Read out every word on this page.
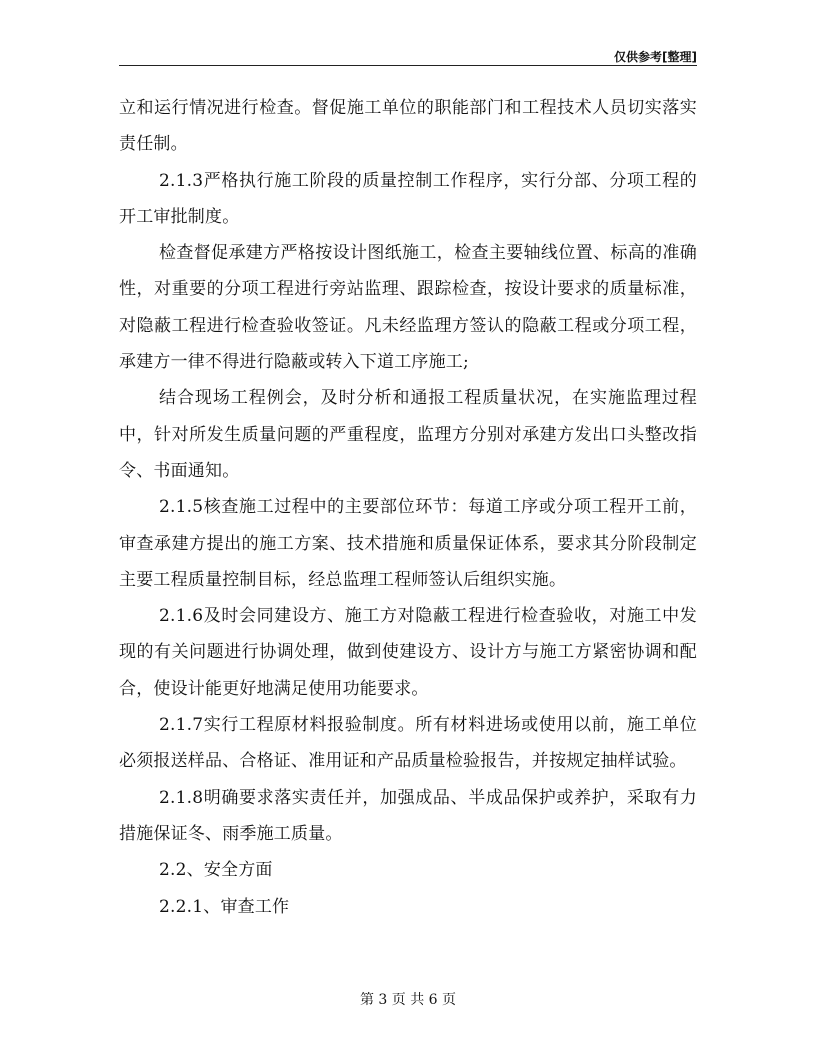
仅供参考[整理]

立和运行情况进行检查。督促施工单位的职能部门和工程技术人员切实落实责任制。

2.1.3严格执行施工阶段的质量控制工作程序，实行分部、分项工程的开工审批制度。

检查督促承建方严格按设计图纸施工，检查主要轴线位置、标高的准确性，对重要的分项工程进行旁站监理、跟踪检查，按设计要求的质量标准，对隐蔽工程进行检查验收签证。凡未经监理方签认的隐蔽工程或分项工程，承建方一律不得进行隐蔽或转入下道工序施工;

结合现场工程例会，及时分析和通报工程质量状况，在实施监理过程中，针对所发生质量问题的严重程度，监理方分别对承建方发出口头整改指令、书面通知。

2.1.5核查施工过程中的主要部位环节：每道工序或分项工程开工前，审查承建方提出的施工方案、技术措施和质量保证体系，要求其分阶段制定主要工程质量控制目标，经总监理工程师签认后组织实施。

2.1.6及时会同建设方、施工方对隐蔽工程进行检查验收，对施工中发现的有关问题进行协调处理，做到使建设方、设计方与施工方紧密协调和配合，使设计能更好地满足使用功能要求。

2.1.7实行工程原材料报验制度。所有材料进场或使用以前，施工单位必须报送样品、合格证、准用证和产品质量检验报告，并按规定抽样试验。

2.1.8明确要求落实责任并，加强成品、半成品保护或养护，采取有力措施保证冬、雨季施工质量。

2.2、安全方面

2.2.1、审查工作

第 3 页 共 6 页
